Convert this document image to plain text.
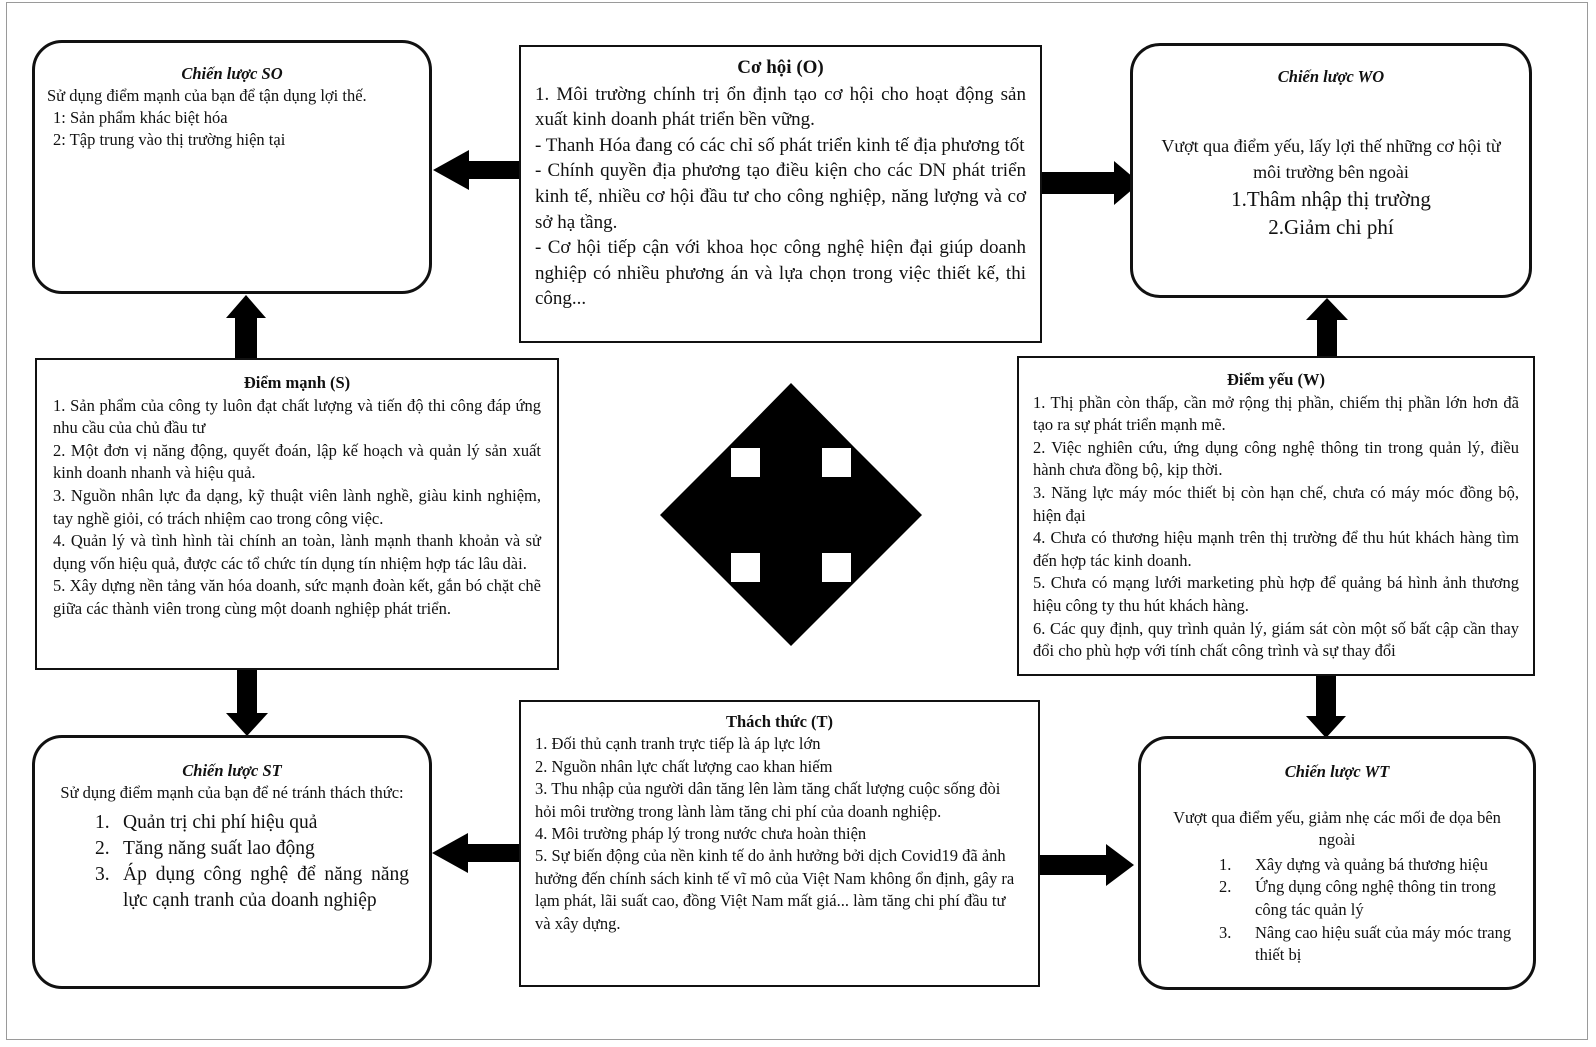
Chiến lược SO

Sử dụng điểm mạnh của bạn để tận dụng lợi thế.

1: Sản phẩm khác biệt hóa

2: Tập trung vào thị trường hiện tại

Cơ hội (O)

1. Môi trường chính trị ổn định tạo cơ hội cho hoạt động sản xuất kinh doanh phát triển bền vững.

- Thanh Hóa đang có các chỉ số phát triển kinh tế địa phương tốt

- Chính quyền địa phương tạo điều kiện cho các DN phát triển kinh tế, nhiều cơ hội đầu tư cho công nghiệp, năng lượng và cơ sở hạ tầng.

- Cơ hội tiếp cận với khoa học công nghệ hiện đại giúp doanh nghiệp có nhiều phương án và lựa chọn trong việc thiết kế, thi công...

Chiến lược WO

Vượt qua điểm yếu, lấy lợi thế những cơ hội từ môi trường bên ngoài

1.Thâm nhập thị trường

2.Giảm chi phí

Điểm mạnh (S)

1. Sản phẩm của công ty luôn đạt chất lượng và tiến độ thi công đáp ứng nhu cầu của chủ đầu tư

2. Một đơn vị năng động, quyết đoán, lập kế hoạch và quản lý sản xuất kinh doanh nhanh và hiệu quả.

3. Nguồn nhân lực đa dạng, kỹ thuật viên lành nghề, giàu kinh nghiệm, tay nghề giỏi, có trách nhiệm cao trong công việc.

4. Quản lý và tình hình tài chính an toàn, lành mạnh thanh khoản và sử dụng vốn hiệu quả, được các tổ chức tín dụng tín nhiệm hợp tác lâu dài.

5. Xây dựng nền tảng văn hóa doanh, sức mạnh đoàn kết, gắn bó chặt chẽ giữa các thành viên trong cùng một doanh nghiệp phát triển.

Điểm yếu (W)

1. Thị phần còn thấp, cần mở rộng thị phần, chiếm thị phần lớn hơn đã tạo ra sự phát triển mạnh mẽ.

2. Việc nghiên cứu, ứng dụng công nghệ thông tin trong quản lý, điều hành chưa đồng bộ, kịp thời.

3. Năng lực máy móc thiết bị còn hạn chế, chưa có máy móc đồng bộ, hiện đại

4. Chưa có thương hiệu mạnh trên thị trường để thu hút khách hàng tìm đến hợp tác kinh doanh.

5. Chưa có mạng lưới marketing phù hợp để quảng bá hình ảnh thương hiệu công ty thu hút khách hàng.

6. Các quy định, quy trình quản lý, giám sát còn một số bất cập cần thay đổi cho phù hợp với tính chất công trình và sự thay đổi

Chiến lược ST

Sử dụng điểm mạnh của bạn để né tránh thách thức:

1. Quản trị chi phí hiệu quả
2. Tăng năng suất lao động
3. Áp dụng công nghệ để năng năng lực cạnh tranh của doanh nghiệp

Thách thức (T)

1. Đối thủ cạnh tranh trực tiếp là áp lực lớn

2. Nguồn nhân lực chất lượng cao khan hiếm

3. Thu nhập của người dân tăng lên làm tăng chất lượng cuộc sống đòi hỏi môi trường trong lành làm tăng chi phí của doanh nghiệp.

4. Môi trường pháp lý trong nước chưa hoàn thiện

5. Sự biến động của nền kinh tế do ảnh hưởng bởi dịch Covid19 đã ảnh hưởng đến chính sách kinh tế vĩ mô của Việt Nam không ổn định, gây ra lạm phát, lãi suất cao, đồng Việt Nam mất giá... làm tăng chi phí đầu tư và xây dựng.

Chiến lược WT

Vượt qua điểm yếu, giảm nhẹ các mối đe dọa bên ngoài

1.	Xây dựng và quảng bá thương hiệu
2.	Ứng dụng công nghệ thông tin trong công tác quản lý
3.	Nâng cao hiệu suất của máy móc trang thiết bị
